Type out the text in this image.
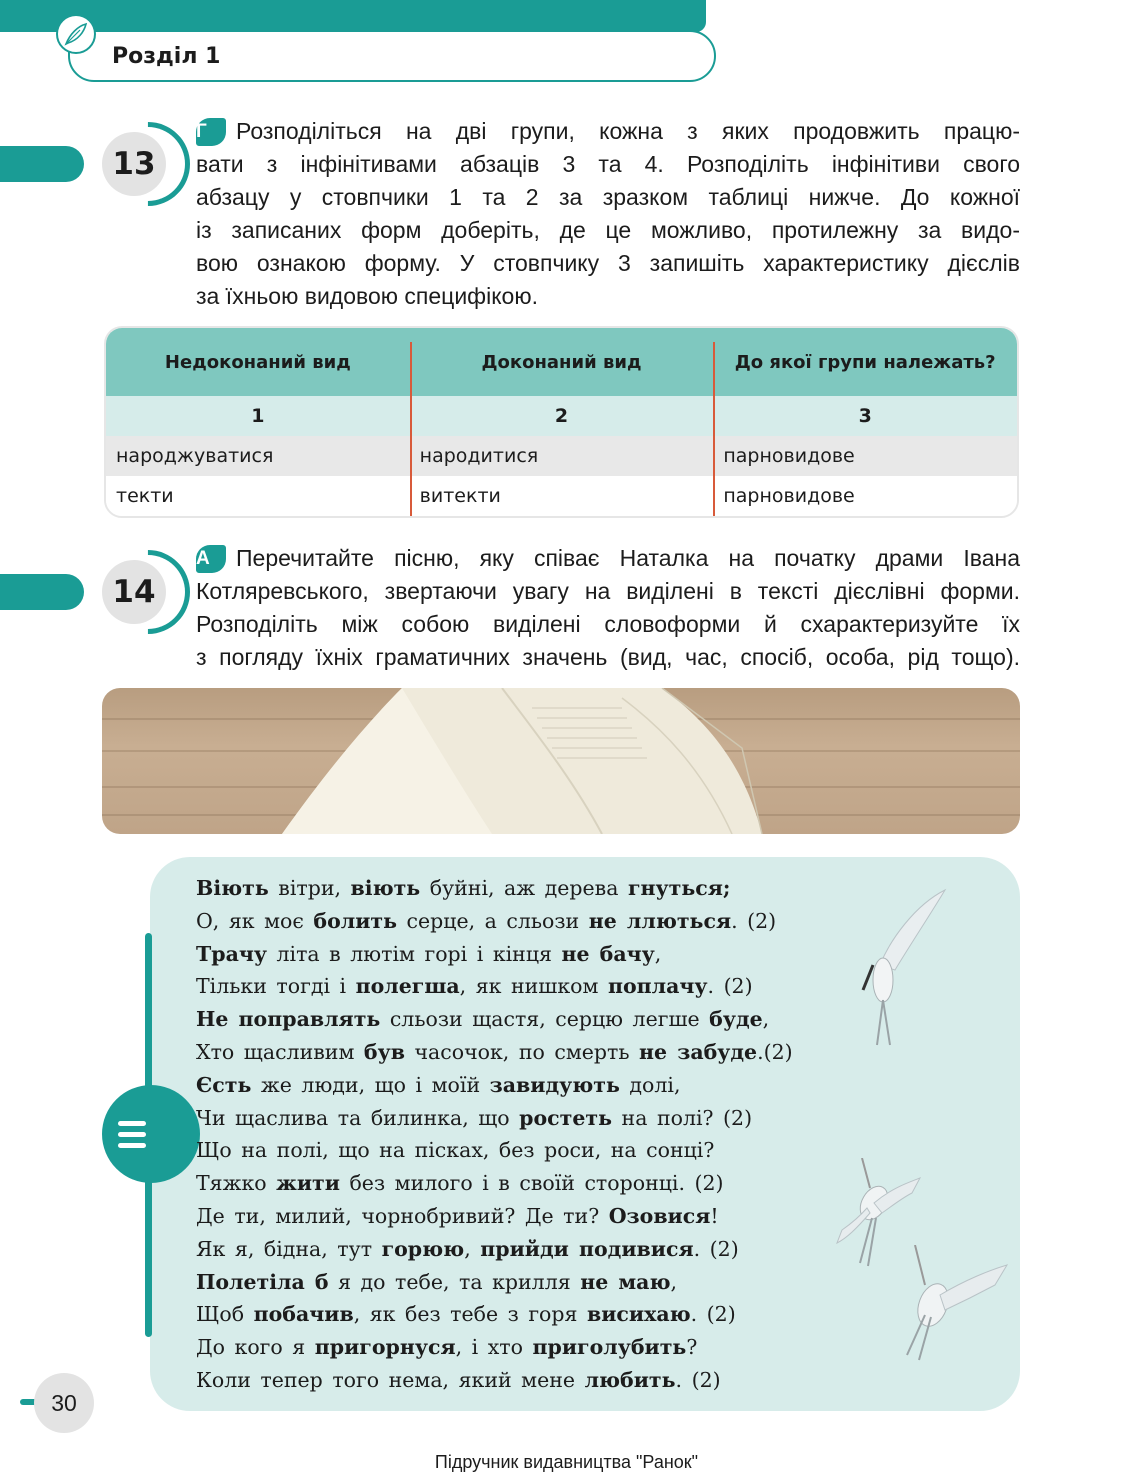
Розділ 1
13
Г Розподіліться на дві групи, кожна з яких продовжить працю-
вати з інфінітивами абзаців 3 та 4. Розподіліть інфінітиви свого
абзацу у стовпчики 1 та 2 за зразком таблиці нижче. До кожної
із записаних форм доберіть, де це можливо, протилежну за видо-
вою ознакою форму. У стовпчику 3 запишіть характеристику дієслів
за їхньою видовою специфікою.
Недоконаний вид	Доконаний вид	До якої групи належать?
1	2	3
народжуватися	народитися	парновидове
текти	витекти	парновидове
14
А Перечитайте пісню, яку співає Наталка на початку драми Івана
Котляревського, звертаючи увагу на виділені в тексті дієслівні форми.
Розподіліть між собою виділені словоформи й схарактеризуйте їх
з погляду їхніх граматичних значень (вид, час, спосіб, особа, рід тощо).
Віють вітри, віють буйні, аж дерева гнуться;
О, як моє болить серце, а сльози не ллються. (2)
Трачу літа в лютім горі і кінця не бачу,
Тільки тогді і полегша, як нишком поплачу. (2)
Не поправлять сльози щастя, серцю легше буде,
Хто щасливим був часочок, по смерть не забуде.(2)
Єсть же люди, що і моїй завидують долі,
Чи щаслива та билинка, що ростеть на полі? (2)
Що на полі, що на пісках, без роси, на сонці?
Тяжко жити без милого і в своїй сторонці. (2)
Де ти, милий, чорнобривий? Де ти? Озовися!
Як я, бідна, тут горюю, прийди подивися. (2)
Полетіла б я до тебе, та крилля не маю,
Щоб побачив, як без тебе з горя висихаю. (2)
До кого я пригорнуся, і хто приголубить?
Коли тепер того нема, який мене любить. (2)
30
Підручник видавництва "Ранок"
